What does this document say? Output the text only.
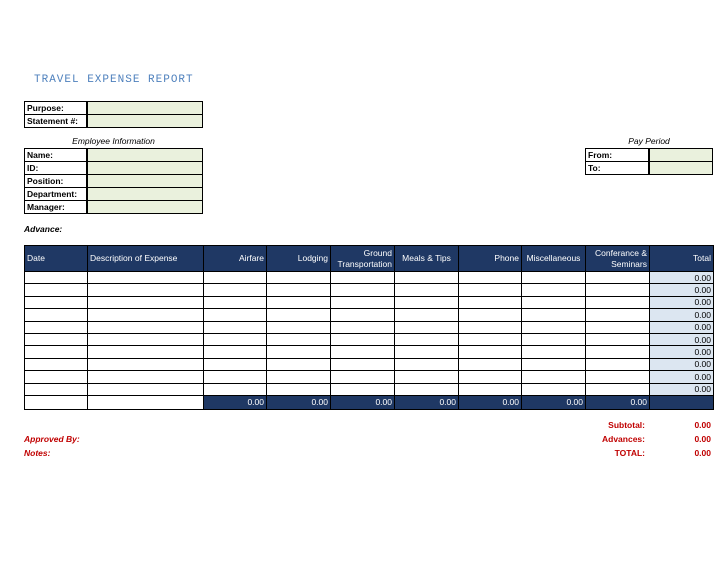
TRAVEL EXPENSE REPORT
Purpose:
Statement #:
Employee Information
Name:
ID:
Position:
Department:
Manager:
Pay Period
From:
To:
Advance:
Date	Description of Expense	Airfare	Lodging	Ground Transportation	Meals & Tips	Phone	Miscellaneous	Conferance & Seminars	Total
									0.00
									0.00
									0.00
									0.00
									0.00
									0.00
									0.00
									0.00
									0.00
									0.00
		0.00	0.00	0.00	0.00	0.00	0.00	0.00	
Subtotal:	0.00
Advances:	0.00
TOTAL:	0.00
Approved By:
Notes:
